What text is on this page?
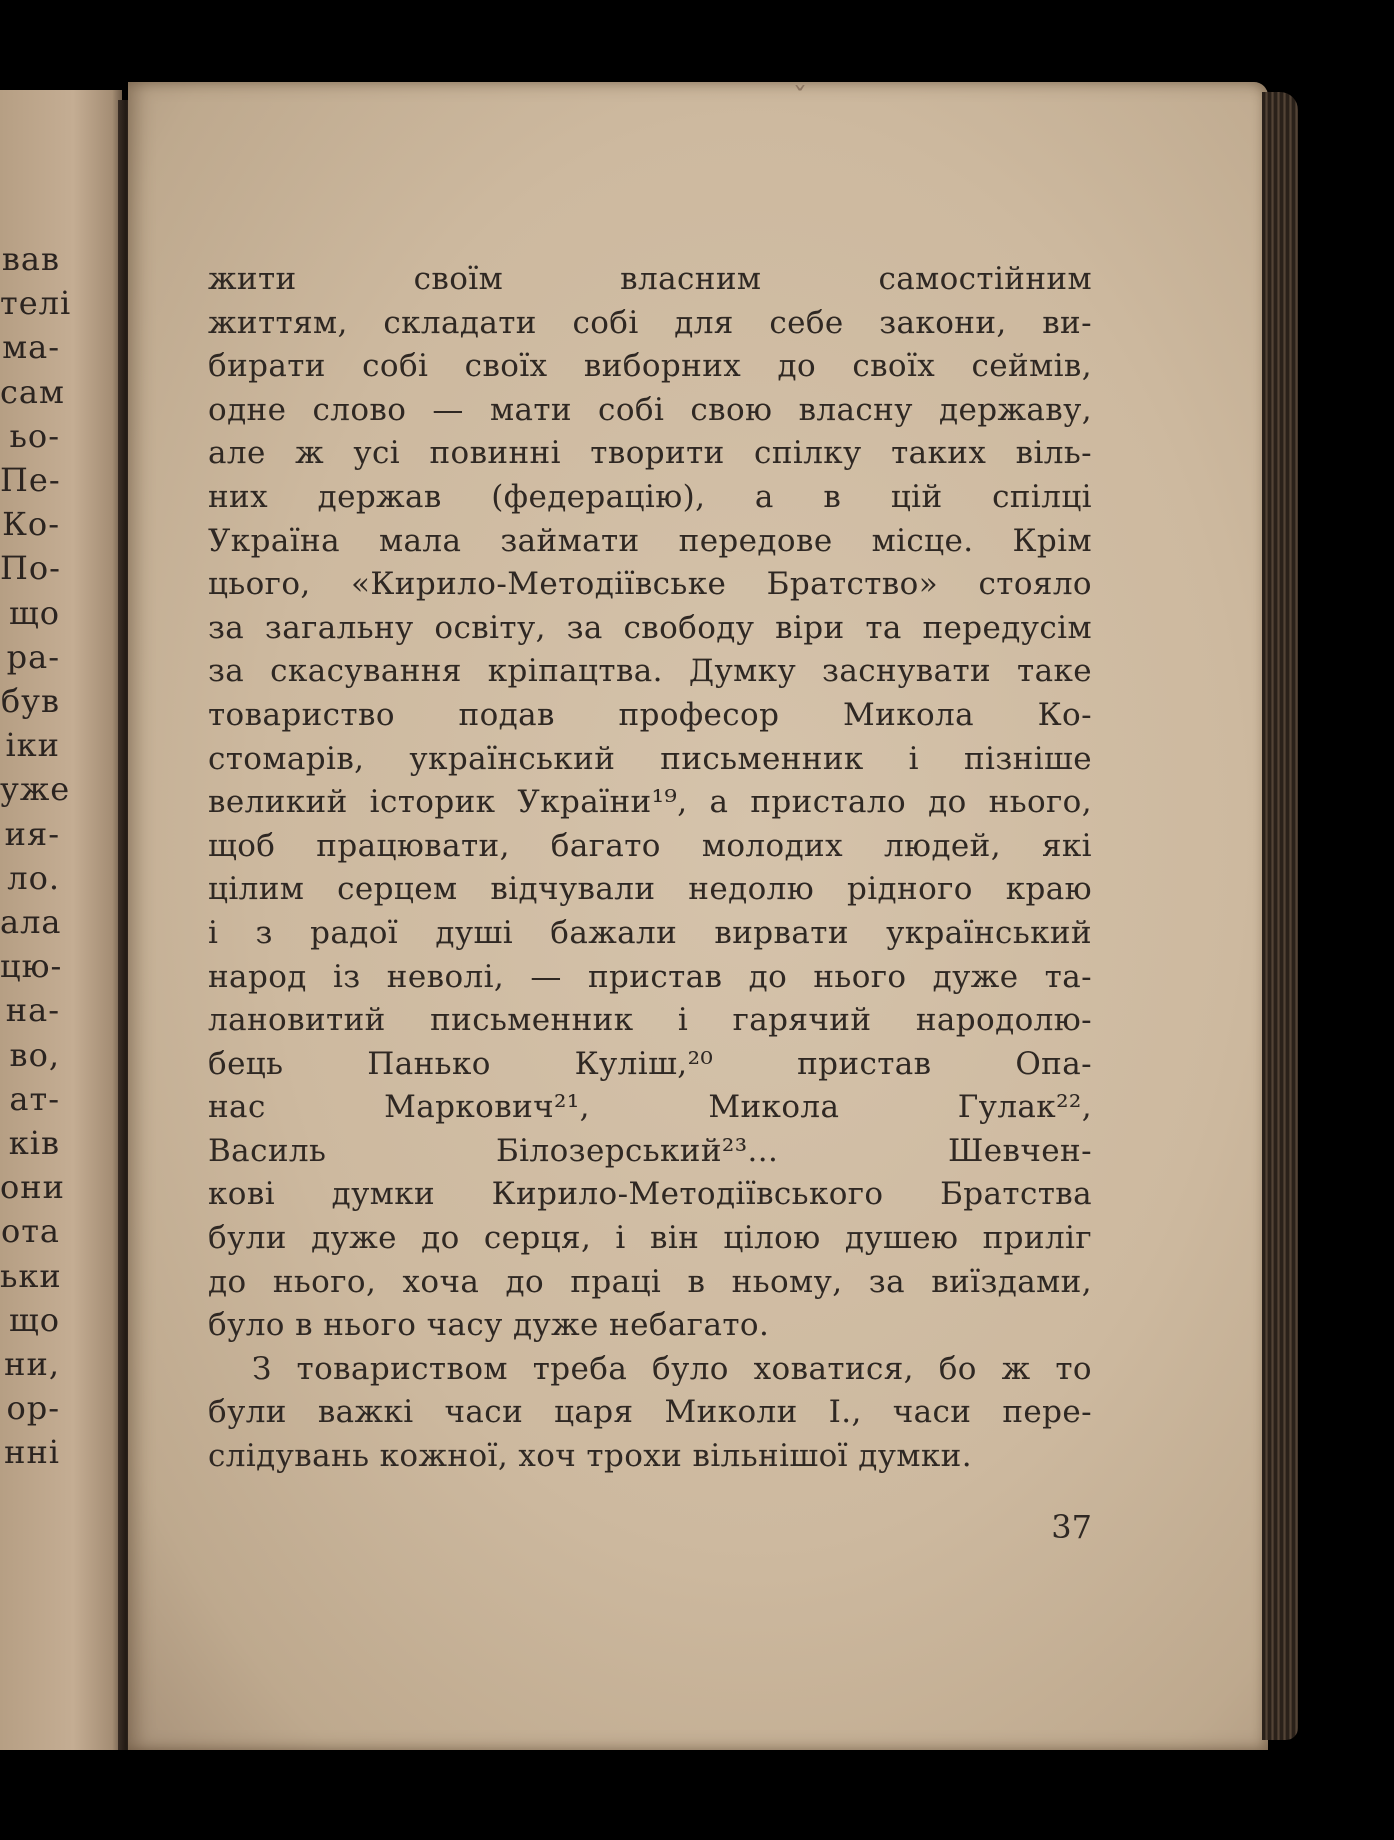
вав
телі
ма-
сам
ьо-
Пе-
Ко-
По-
що
ра-
був
іки
уже
ия-
ло.
ала
цю-
на-
во,
ат-
ків
они
ота
ьки
що
ни,
ор-
нні
ˇ
жити своїм власним самостійним
життям, складати собі для себе закони, ви-
бирати собі своїх виборних до своїх сеймів,
одне слово — мати собі свою власну державу,
але ж усі повинні творити спілку таких віль-
них держав (федерацію), а в цій спілці
Україна мала займати передове місце. Крім
цього, «Кирило-Методіївське Братство» стояло
за загальну освіту, за свободу віри та передусім
за скасування кріпацтва. Думку заснувати таке
товариство подав професор Микола Ко-
стомарів, український письменник і пізніше
великий історик України¹⁹, а пристало до нього,
щоб працювати, багато молодих людей, які
цілим серцем відчували недолю рідного краю
і з радої душі бажали вирвати український
народ із неволі, — пристав до нього дуже та-
лановитий письменник і гарячий народолю-
бець Панько Куліш,²⁰ пристав Опа-
нас Маркович²¹, Микола Гулак²²,
Василь Білозерський²³... Шевчен-
кові думки Кирило-Методіївського Братства
були дуже до серця, і він цілою душею приліг
до нього, хоча до праці в ньому, за виїздами,
було в нього часу дуже небагато.
З товариством треба було ховатися, бо ж то
були важкі часи царя Миколи І., часи пере-
слідувань кожної, хоч трохи вільнішої думки.
37
